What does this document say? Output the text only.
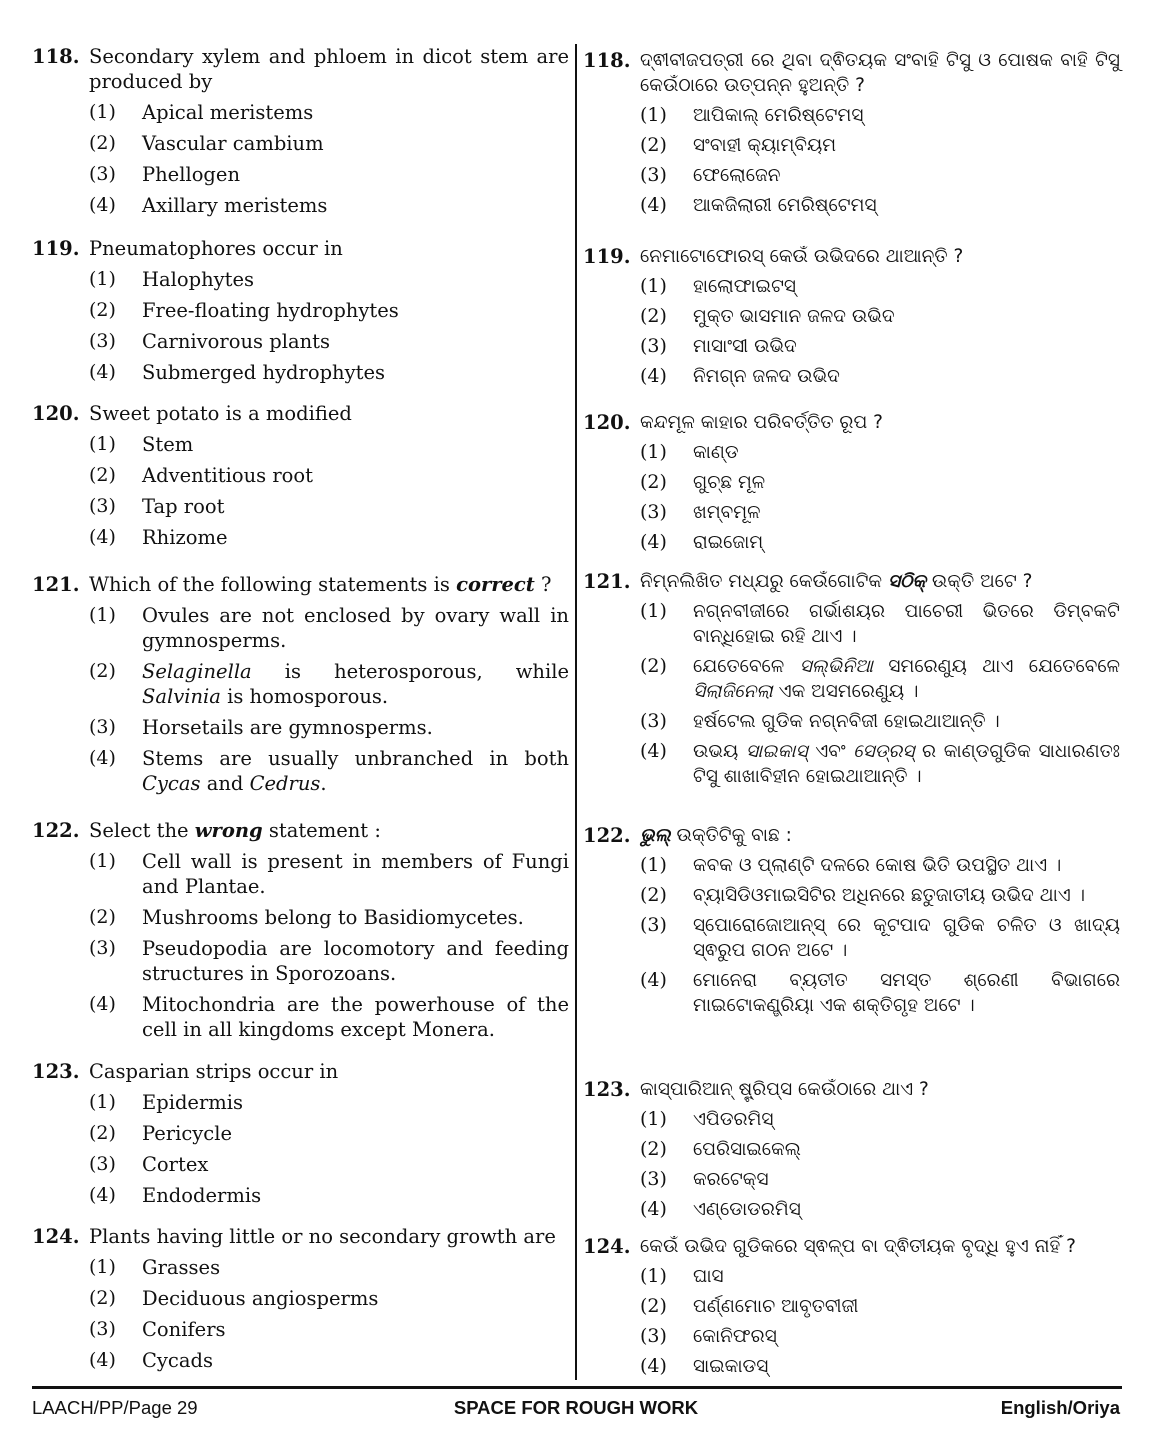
118. Secondary xylem and phloem in dicot stem are produced by
(1)	Apical meristems
(2)	Vascular cambium
(3)	Phellogen
(4)	Axillary meristems
119. Pneumatophores occur in
(1)	Halophytes
(2)	Free-floating hydrophytes
(3)	Carnivorous plants
(4)	Submerged hydrophytes
120. Sweet potato is a modified
(1)	Stem
(2)	Adventitious root
(3)	Tap root
(4)	Rhizome
121. Which of the following statements is correct ?
(1)	Ovules are not enclosed by ovary wall in gymnosperms.
(2)	Selaginella is heterosporous, while Salvinia is homosporous.
(3)	Horsetails are gymnosperms.
(4)	Stems are usually unbranched in both Cycas and Cedrus.
122. Select the wrong statement :
(1)	Cell wall is present in members of Fungi and Plantae.
(2)	Mushrooms belong to Basidiomycetes.
(3)	Pseudopodia are locomotory and feeding structures in Sporozoans.
(4)	Mitochondria are the powerhouse of the cell in all kingdoms except Monera.
123. Casparian strips occur in
(1)	Epidermis
(2)	Pericycle
(3)	Cortex
(4)	Endodermis
124. Plants having little or no secondary growth are
(1)	Grasses
(2)	Deciduous angiosperms
(3)	Conifers
(4)	Cycads
118. ଦ୍ଵୀବୀଜପତ୍ରୀ ରେ ଥିବା ଦ୍ଵିତୟକ ସଂବାହି ଟିସୁ ଓ ପୋଷକ ବାହି ଟିସୁ କେଉଁଠାରେ ଉତ୍ପନ୍ନ ହୁଅନ୍ତି ?
(1)	ଆପିକାଲ୍ ମେରିଷ୍ଟେମସ୍
(2)	ସଂବାହୀ କ୍ୟାମ୍ବିୟମ
(3)	ଫେଲୋଜେନ
(4)	ଆକଜିଲାରୀ ମେରିଷ୍ଟେମସ୍
119. ନେମାଟୋଫୋରସ୍ କେଉଁ ଉଭିଦରେ ଥାଆନ୍ତି ?
(1)	ହାଲୋଫାଇଟସ୍
(2)	ମୁକ୍ତ ଭାସମାନ ଜଳଦ ଉଭିଦ
(3)	ମାସାଂସୀ ଉଭିଦ
(4)	ନିମଗ୍ନ ଜଳଦ ଉଭିଦ
120. କନ୍ଦମୂଳ କାହାର ପରିବର୍ତ୍ତିତ ରୂପ ?
(1)	କାଣ୍ଡ
(2)	ଗୁଚ୍ଛ ମୂଳ
(3)	ଖମ୍ବମୂଳ
(4)	ରାଇଜୋମ୍
121. ନିମ୍ନଲିଖିତ ମଧ୍ଯରୁ କେଉଁଗୋଟିକ ସଠିକ୍ ଉକ୍ତି ଅଟେ ?
(1)	ନଗ୍ନବୀଜୀରେ ଗର୍ଭାଶୟର ପାଚେରୀ ଭିତରେ ଡିମ୍ବକଟି ବାନ୍ଧିହୋଇ ରହି ଥାଏ ।
(2)	ଯେତେବେଳେ ସଲ୍ଭିନିଆ ସମରେଣୁୟ ଥାଏ ଯେତେବେଳେ ସିଲାଜିନେଲା ଏକ ଅସମରେଣୁୟ ।
(3)	ହର୍ଷଟେଲ ଗୁଡିକ ନଗ୍ନବିଜୀ ହୋଇଥାଆନ୍ତି ।
(4)	ଉଭୟ ସାଇକାସ୍ ଏବଂ ସେଡ୍ରସ୍ ର କାଣ୍ଡଗୁଡିକ ସାଧାରଣତଃ ଟିସୁ ଶାଖାବିହୀନ ହୋଇଥାଆନ୍ତି ।
122. ଭୁଲ୍ ଉକ୍ତିଟିକୁ ବାଛ :
(1)	କବକ ଓ ପ୍ଲାଣ୍ଟି ଦଳରେ କୋଷ ଭିତି ଉପସ୍ଥିତ ଥାଏ ।
(2)	ବ୍ୟାସିଡିଓମାଇସିଟିର ଅଧିନରେ ଛତୁଜାତୀୟ ଉଭିଦ ଥାଏ ।
(3)	ସ୍ପୋରୋଜୋଆନ୍ସ୍ ରେ କୂଟପାଦ ଗୁଡିକ ଚଳିତ ଓ ଖାଦ୍ୟ ସ୍ଵରୁପ ଗଠନ ଅଟେ ।
(4)	ମୋନେରା ବ୍ୟତୀତ ସମସ୍ତ ଶ୍ରେଣୀ ବିଭାଗରେ ମାଇଟୋକଣ୍ଡ୍ରିୟା ଏକ ଶକ୍ତିଗୃହ ଅଟେ ।
123. କାସ୍ପାରିଆନ୍ ଷ୍ଟ୍ରିପ୍ସ କେଉଁଠାରେ ଥାଏ ?
(1)	ଏପିଡରମିସ୍
(2)	ପେରିସାଇକେଲ୍
(3)	କରଟେକ୍ସ
(4)	ଏଣ୍ଡୋଡରମିସ୍
124. କେଉଁ ଉଭିଦ ଗୁଡିକରେ ସ୍ଵଳ୍ପ ବା ଦ୍ଵିତୀୟକ ବୃଦ୍ଧି ହୁଏ ନାହିଁ ?
(1)	ଘାସ
(2)	ପର୍ଣ୍ଣମୋଚ ଆବୃତବୀଜୀ
(3)	କୋନିଫରସ୍
(4)	ସାଇକାଡସ୍
LAACH/PP/Page 29	SPACE FOR ROUGH WORK	English/Oriya
